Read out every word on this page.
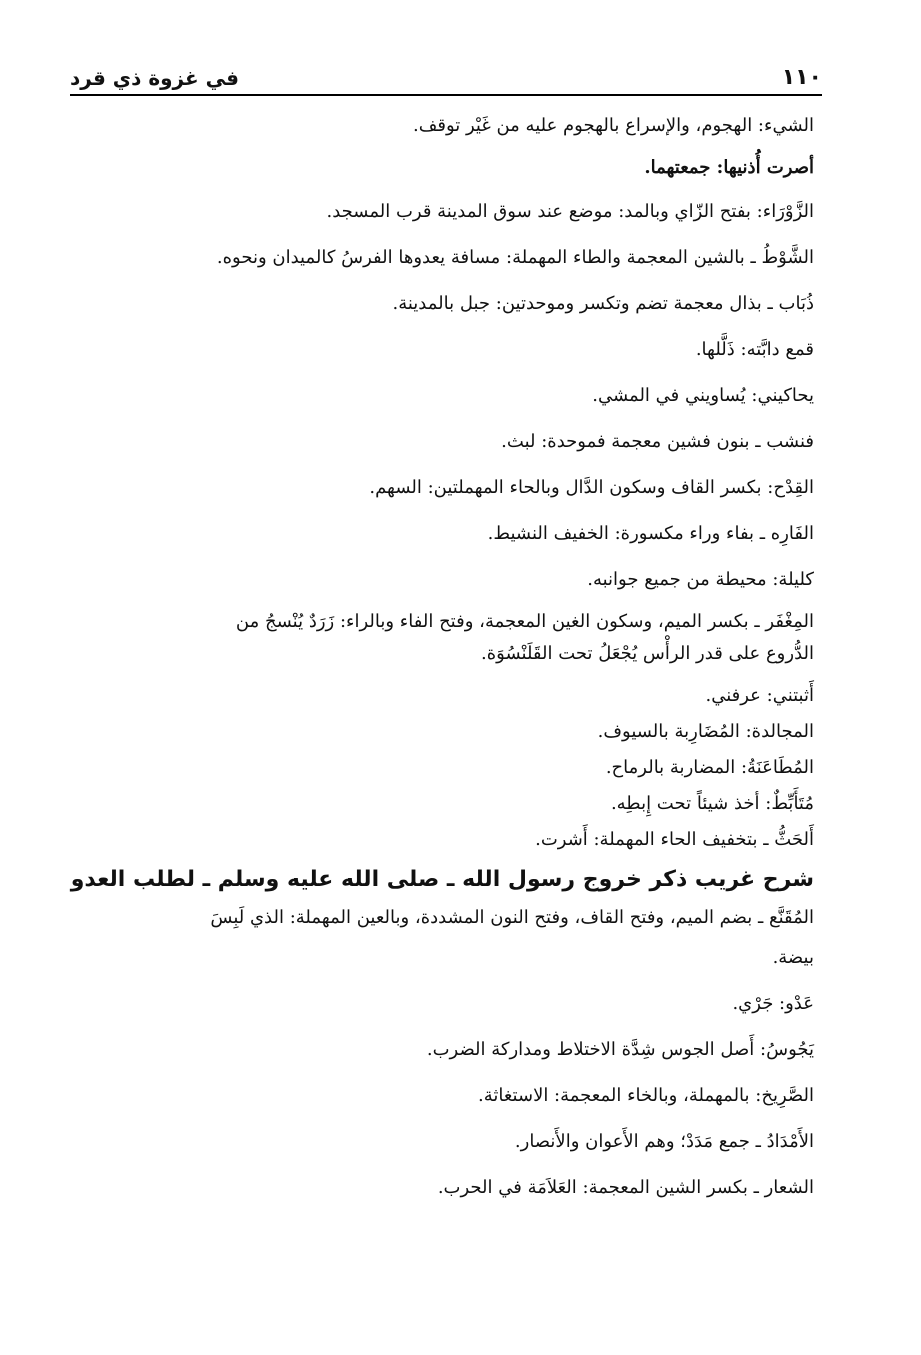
١١٠
في غزوة ذي قرد
الشيء: الهجوم، والإسراع بالهجوم عليه من غَيْر توقف.
أصرت أُذنيها: جمعتهما.
الزَّوْرَاء: بفتح الزّاي وبالمد: موضع عند سوق المدينة قرب المسجد.
الشَّوْطُ ـ بالشين المعجمة والطاء المهملة: مسافة يعدوها الفرسُ كالميدان ونحوه.
ذُبَاب ـ بذال معجمة تضم وتكسر وموحدتين: جبل بالمدينة.
قمع دابَّته: ذَلَّلها.
يحاكيني: يُساويني في المشي.
فنشب ـ بنون فشين معجمة فموحدة: لبث.
القِدْح: بكسر القاف وسكون الدَّال وبالحاء المهملتين: السهم.
الفَارِه ـ بفاء وراء مكسورة: الخفيف النشيط.
كليلة: محيطة من جميع جوانبه.
المِغْفَر ـ بكسر الميم، وسكون الغين المعجمة، وفتح الفاء وبالراء: زَرَدٌ يُنْسجُ من
الدُّروع على قدر الرأْس يُجْعَلُ تحت القَلَنْسُوَة.
أَثبتني: عرفني.
المجالدة: المُضَارِبة بالسيوف.
المُطَاعَنَةُ: المضاربة بالرماح.
مُتَأَبِّطٌ: أخذ شيئاً تحت إِبطِه.
أَلحَثُّ ـ بتخفيف الحاء المهملة: أَشرت.
شرح غريب ذكر خروج رسول الله ـ صلى الله عليه وسلم ـ لطلب العدو
المُقَنَّع ـ بضم الميم، وفتح القاف، وفتح النون المشددة، وبالعين المهملة: الذي لَبِسَ
بيضة.
عَدْو: جَرْي.
يَجُوسُ: أَصل الجوس شِدَّة الاختلاط ومداركة الضرب.
الصَّرِيخ: بالمهملة، وبالخاء المعجمة: الاستغاثة.
الأَمْدَادُ ـ جمع مَدَدْ؛ وهم الأَعوان والأَنصار.
الشعار ـ بكسر الشين المعجمة: العَلاَمَة في الحرب.
